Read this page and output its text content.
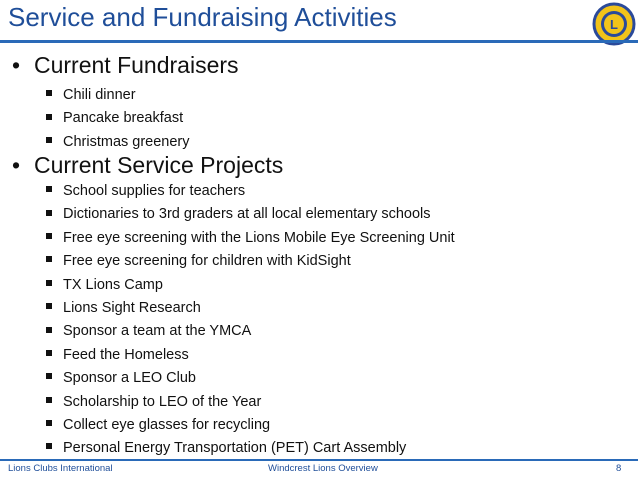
Service and Fundraising Activities	L
• Current Fundraisers
Chili dinner
Pancake breakfast
Christmas greenery
• Current Service Projects
School supplies for teachers
Dictionaries to 3rd graders at all local elementary schools
Free eye screening with the Lions Mobile Eye Screening Unit
Free eye screening for children with KidSight
TX Lions Camp
Lions Sight Research
Sponsor a team at the YMCA
Feed the Homeless
Sponsor a LEO Club
Scholarship to LEO of the Year
Collect eye glasses for recycling
Personal Energy Transportation (PET) Cart Assembly
Lions Clubs International	Windcrest Lions Overview	8
